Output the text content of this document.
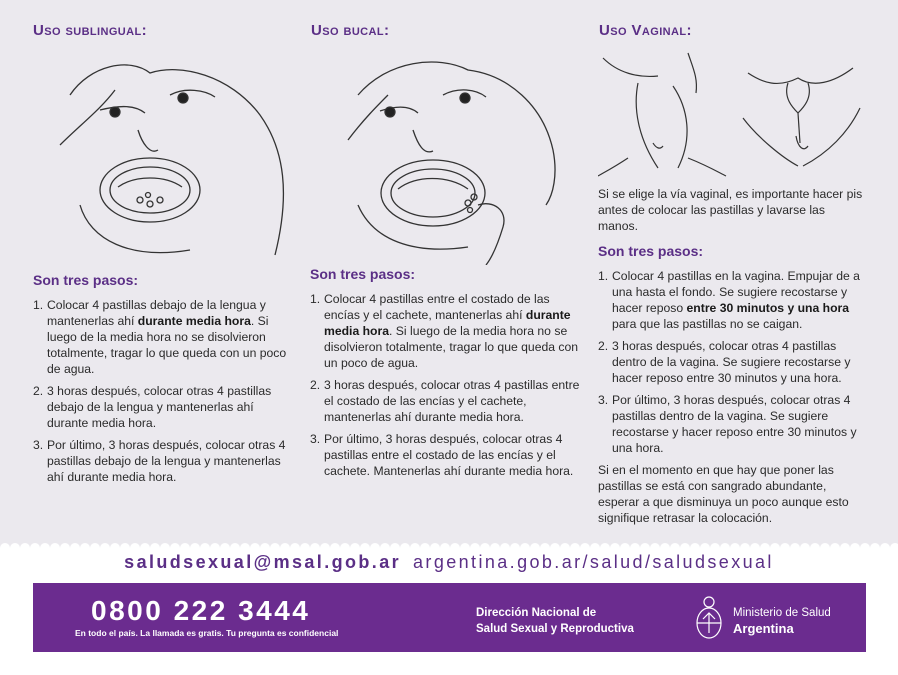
Uso sublingual:
Son tres pasos:
1. Colocar 4 pastillas debajo de la lengua y mantenerlas ahí durante media hora. Si luego de la media hora no se disolvieron totalmente, tragar lo que queda con un poco de agua.
2. 3 horas después, colocar otras 4 pastillas debajo de la lengua y mantenerlas ahí durante media hora.
3. Por último, 3 horas después, colocar otras 4 pastillas debajo de la lengua y mantenerlas ahí durante media hora.
Uso bucal:
Son tres pasos:
1. Colocar 4 pastillas entre el costado de las encías y el cachete, mantenerlas ahí durante media hora. Si luego de la media hora no se disolvieron totalmente, tragar lo que queda con un poco de agua.
2. 3 horas después, colocar otras 4 pastillas entre el costado de las encías y el cachete, mantenerlas ahí durante media hora.
3. Por último, 3 horas después, colocar otras 4 pastillas entre el costado de las encías y el cachete. Mantenerlas ahí durante media hora.
Uso Vaginal:

Si se elige la vía vaginal, es importante hacer pis antes de colocar las pastillas y lavarse las manos.

Son tres pasos:
1. Colocar 4 pastillas en la vagina. Empujar de a una hasta el fondo. Se sugiere recostarse y hacer reposo entre 30 minutos y una hora para que las pastillas no se caigan.
2. 3 horas después, colocar otras 4 pastillas dentro de la vagina. Se sugiere recostarse y hacer reposo entre 30 minutos y una hora.
3. Por último, 3 horas después, colocar otras 4 pastillas dentro de la vagina. Se sugiere recostarse y hacer reposo entre 30 minutos y una hora.

Si en el momento en que hay que poner las pastillas se está con sangrado abundante, esperar a que disminuya un poco aunque esto signifique retrasar la colocación.

saludsexual@msal.gob.ar argentina.gob.ar/salud/saludsexual
0800 222 3444
En todo el país. La llamada es gratis. Tu pregunta es confidencial
Dirección Nacional de
Salud Sexual y Reproductiva
Ministerio de Salud
Argentina
